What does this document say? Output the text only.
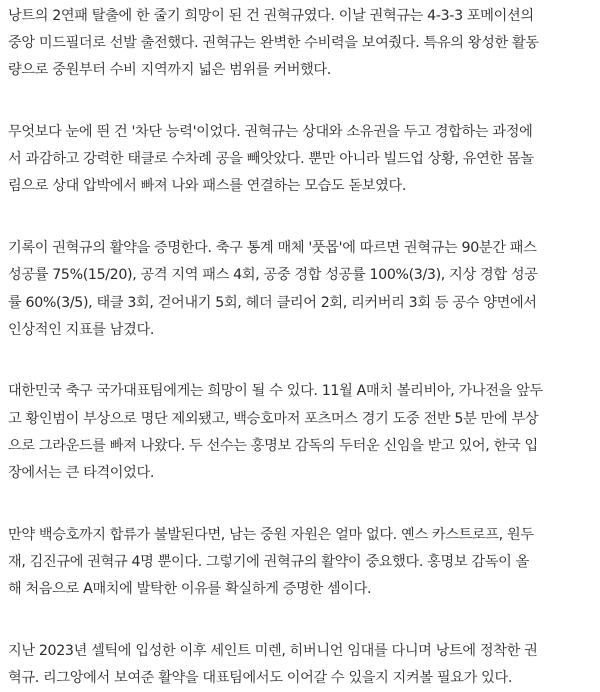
낭트의 2연패 탈출에 한 줄기 희망이 된 건 권혁규였다. 이날 권혁규는 4-3-3 포메이션의
중앙 미드필더로 선발 출전했다. 권혁규는 완벽한 수비력을 보여줬다. 특유의 왕성한 활동
량으로 중원부터 수비 지역까지 넓은 범위를 커버했다.

무엇보다 눈에 띈 건 '차단 능력'이었다. 권혁규는 상대와 소유권을 두고 경합하는 과정에
서 과감하고 강력한 태클로 수차례 공을 빼앗았다. 뿐만 아니라 빌드업 상황, 유연한 몸놀
림으로 상대 압박에서 빠져 나와 패스를 연결하는 모습도 돋보였다.

기록이 권혁규의 활약을 증명한다. 축구 통계 매체 '풋몹'에 따르면 권혁규는 90분간 패스
성공률 75%(15/20), 공격 지역 패스 4회, 공중 경합 성공률 100%(3/3), 지상 경합 성공
률 60%(3/5), 태클 3회, 걷어내기 5회, 헤더 클리어 2회, 리커버리 3회 등 공수 양면에서
인상적인 지표를 남겼다.

대한민국 축구 국가대표팀에게는 희망이 될 수 있다. 11월 A매치 볼리비아, 가나전을 앞두
고 황인범이 부상으로 명단 제외됐고, 백승호마저 포츠머스 경기 도중 전반 5분 만에 부상
으로 그라운드를 빠져 나왔다. 두 선수는 홍명보 감독의 두터운 신임을 받고 있어, 한국 입
장에서는 큰 타격이었다.

만약 백승호까지 합류가 불발된다면, 남는 중원 자원은 얼마 없다. 옌스 카스트로프, 원두
재, 김진규에 권혁규 4명 뿐이다. 그렇기에 권혁규의 활약이 중요했다. 홍명보 감독이 올
해 처음으로 A매치에 발탁한 이유를 확실하게 증명한 셈이다.

지난 2023년 셀틱에 입성한 이후 세인트 미렌, 히버니언 임대를 다니며 낭트에 정착한 권
혁규. 리그앙에서 보여준 활약을 대표팀에서도 이어갈 수 있을지 지켜볼 필요가 있다.
